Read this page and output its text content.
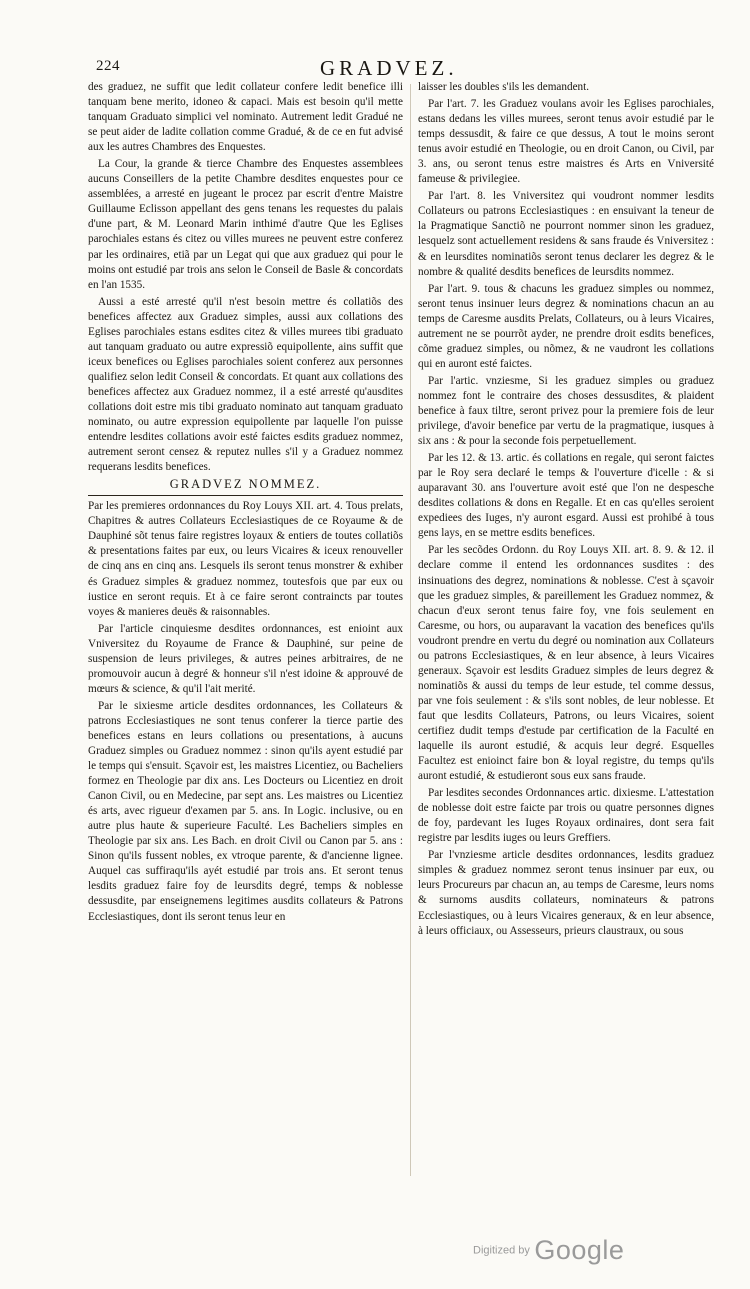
224	GRADVEZ.

des graduez, ne suffit que ledit collateur confere ledit benefice illi tanquam bene merito, idoneo & capaci. Mais est besoin qu'il mette tanquam Graduato simplici vel nominato. Autrement ledit Gradué ne se peut aider de ladite collation comme Gradué, & de ce en fut advisé aux les autres Chambres des Enquestes.

La Cour, la grande & tierce Chambre des Enquestes assemblees aucuns Conseillers de la petite Chambre desdites enquestes pour ce assemblées, a arresté en jugeant le procez par escrit d'entre Maistre Guillaume Eclisson appellant des gens tenans les requestes du palais d'une part, & M. Leonard Marin inthimé d'autre Que les Eglises parochiales estans és citez ou villes murees ne peuvent estre conferez par les ordinaires, etiã par un Legat qui que aux graduez qui pour le moins ont estudié par trois ans selon le Conseil de Basle & concordats en l'an 1535.

Aussi a esté arresté qu'il n'est besoin mettre és collatiõs des benefices affectez aux Graduez simples, aussi aux collations des Eglises parochiales estans esdites citez & villes murees tibi graduato aut tanquam graduato ou autre expressiõ equipollente, ains suffit que iceux benefices ou Eglises parochiales soient conferez aux personnes qualifiez selon ledit Conseil & concordats. Et quant aux collations des benefices affectez aux Graduez nommez, il a esté arresté qu'ausdites collations doit estre mis tibi graduato nominato aut tanquam graduato nominato, ou autre expression equipollente par laquelle l'on puisse entendre lesdites collations avoir esté faictes esdits graduez nommez, autrement seront censez & reputez nulles s'il y a Graduez nommez requerans lesdits benefices.

GRADVEZ NOMMEZ.

Par les premieres ordonnances du Roy Louys XII. art. 4. Tous prelats, Chapitres & autres Collateurs Ecclesiastiques de ce Royaume & de Dauphiné sõt tenus faire registres loyaux & entiers de toutes collatiõs & presentations faites par eux, ou leurs Vicaires & iceux renouveller de cinq ans en cinq ans. Lesquels ils seront tenus monstrer & exhiber és Graduez simples & graduez nommez, toutesfois que par eux ou iustice en seront requis. Et à ce faire seront contraincts par toutes voyes & manieres deuës & raisonnables.

Par l'article cinquiesme desdites ordonnances, est enioint aux Vniversitez du Royaume de France & Dauphiné, sur peine de suspension de leurs privileges, & autres peines arbitraires, de ne promouvoir aucun à degré & honneur s'il n'est idoine & approuvé de mœurs & science, & qu'il l'ait merité.

Par le sixiesme article desdites ordonnances, les Collateurs & patrons Ecclesiastiques ne sont tenus conferer la tierce partie des benefices estans en leurs collations ou presentations, à aucuns Graduez simples ou Graduez nommez : sinon qu'ils ayent estudié par le temps qui s'ensuit. Sçavoir est, les maistres Licentiez, ou Bacheliers formez en Theologie par dix ans. Les Docteurs ou Licentiez en droit Canon Civil, ou en Medecine, par sept ans. Les maistres ou Licentiez és arts, avec rigueur d'examen par 5. ans. In Logic. inclusive, ou en autre plus haute & superieure Faculté. Les Bacheliers simples en Theologie par six ans. Les Bach. en droit Civil ou Canon par 5. ans : Sinon qu'ils fussent nobles, ex vtroque parente, & d'ancienne lignee. Auquel cas suffiraqu'ils ayét estudié par trois ans. Et seront tenus lesdits graduez faire foy de leursdits degré, temps & noblesse dessusdite, par enseignemens legitimes ausdits collateurs & Patrons Ecclesiastiques, dont ils seront tenus leur en

laisser les doubles s'ils les demandent.

Par l'art. 7. les Graduez voulans avoir les Eglises parochiales, estans dedans les villes murees, seront tenus avoir estudié par le temps dessusdit, & faire ce que dessus, A tout le moins seront tenus avoir estudié en Theologie, ou en droit Canon, ou Civil, par 3. ans, ou seront tenus estre maistres és Arts en Vniversité fameuse & privilegiee.

Par l'art. 8. les Vniversitez qui voudront nommer lesdits Collateurs ou patrons Ecclesiastiques : en ensuivant la teneur de la Pragmatique Sanctiõ ne pourront nommer sinon les graduez, lesquelz sont actuellement residens & sans fraude és Vniversitez : & en leursdites nominatiõs seront tenus declarer les degrez & le nombre & qualité desdits benefices de leursdits nommez.

Par l'art. 9. tous & chacuns les graduez simples ou nommez, seront tenus insinuer leurs degrez & nominations chacun an au temps de Caresme ausdits Prelats, Collateurs, ou à leurs Vicaires, autrement ne se pourrõt ayder, ne prendre droit esdits benefices, cõme graduez simples, ou nõmez, & ne vaudront les collations qui en auront esté faictes.

Par l'artic. vnziesme, Si les graduez simples ou graduez nommez font le contraire des choses dessusdites, & plaident benefice à faux tiltre, seront privez pour la premiere fois de leur privilege, d'avoir benefice par vertu de la pragmatique, iusques à six ans : & pour la seconde fois perpetuellement.

Par les 12. & 13. artic. és collations en regale, qui seront faictes par le Roy sera declaré le temps & l'ouverture d'icelle : & si auparavant 30. ans l'ouverture avoit esté que l'on ne despesche desdites collations & dons en Regalle. Et en cas qu'elles seroient expediees des Iuges, n'y auront esgard. Aussi est prohibé à tous gens lays, en se mettre esdits benefices.

Par les secõdes Ordonn. du Roy Louys XII. art. 8. 9. & 12. il declare comme il entend les ordonnances susdites : des insinuations des degrez, nominations & noblesse. C'est à sçavoir que les graduez simples, & pareillement les Graduez nommez, & chacun d'eux seront tenus faire foy, vne fois seulement en Caresme, ou hors, ou auparavant la vacation des benefices qu'ils voudront prendre en vertu du degré ou nomination aux Collateurs ou patrons Ecclesiastiques, & en leur absence, à leurs Vicaires generaux. Sçavoir est lesdits Graduez simples de leurs degrez & nominatiõs & aussi du temps de leur estude, tel comme dessus, par vne fois seulement : & s'ils sont nobles, de leur noblesse. Et faut que lesdits Collateurs, Patrons, ou leurs Vicaires, soient certifiez dudit temps d'estude par certification de la Faculté en laquelle ils auront estudié, & acquis leur degré. Esquelles Facultez est enioinct faire bon & loyal registre, du temps qu'ils auront estudié, & estudieront sous eux sans fraude.

Par lesdites secondes Ordonnances artic. dixiesme. L'attestation de noblesse doit estre faicte par trois ou quatre personnes dignes de foy, pardevant les Iuges Royaux ordinaires, dont sera fait registre par lesdits iuges ou leurs Greffiers.

Par l'vnziesme article desdites ordonnances, lesdits graduez simples & graduez nommez seront tenus insinuer par eux, ou leurs Procureurs par chacun an, au temps de Caresme, leurs noms & surnoms ausdits collateurs, nominateurs & patrons Ecclesiastiques, ou à leurs Vicaires generaux, & en leur absence, à leurs officiaux, ou Assesseurs, prieurs claustraux, ou sous

Digitized by Google
